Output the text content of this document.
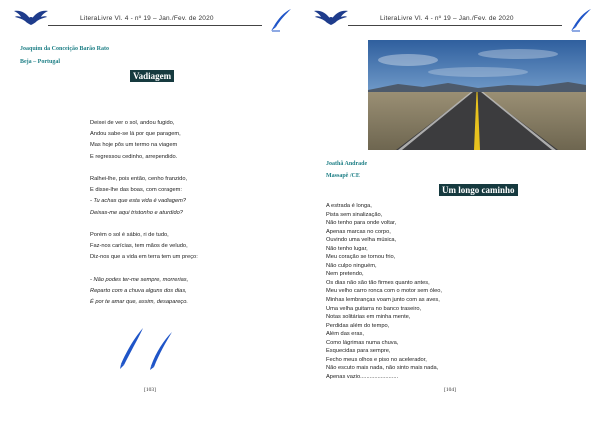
LiteraLivre Vl. 4 - nº 19 – Jan./Fev. de 2020
Joaquim da Conceição Barão Rato
Beja – Portugal
Vadiagem
Deixei de ver o sol, andou fugido,
Andou sabe-se lá por que paragem,
Mas hoje pôs um termo na viagem
E regressou cedinho, arrependido.
Ralhei-lhe, pois então, cenho franzido,
E disse-lhe das boas, com coragem:
- Tu achas que esta vida é vadiagem?
Deixas-me aqui tristonho e aturdido?
Porém o sol é sábio, ri de tudo,
Faz-nos carícias, tem mãos de veludo,
Diz-nos que a vida em terra tem um preço:
- Não podes ter-me sempre, morrerias,
Reparto com a chuva alguns dos dias,
É por te amar que, assim, desapareço.
[103]
LiteraLivre Vl. 4 - nº 19 – Jan./Fev. de 2020
Joathã Andrade
Massapê /CE
Um longo caminho
A estrada é longa,
Pista sem sinalização,
Não tenho para onde voltar,
Apenas marcas no corpo,
Ouvindo uma velha música,
Não tenho lugar,
Meu coração se tornou frio,
Não culpo ninguém,
Nem pretendo,
Os dias não são tão firmes quanto antes,
Meu velho carro ronca com o motor sem óleo,
Minhas lembranças voam junto com as aves,
Uma velha guitarra no banco traseiro,
Notas solitárias em minha mente,
Perdidas além do tempo,
Além das eras,
Como lágrimas numa chuva,
Esquecidas para sempre,
Fecho meus olhos e piso no acelerador,
Não escuto mais nada, não sinto mais nada,
Apenas vazio........................
[104]
